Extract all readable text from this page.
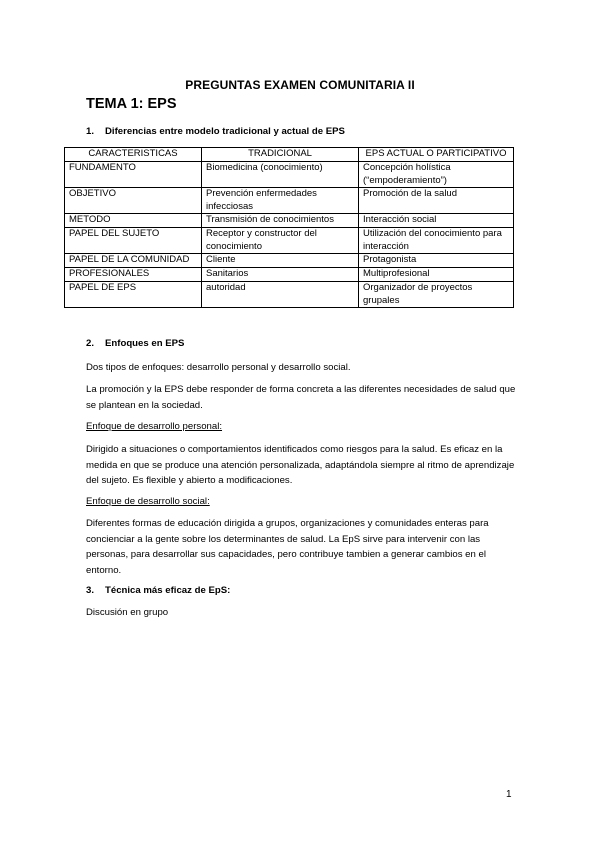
PREGUNTAS EXAMEN COMUNITARIA II
TEMA 1: EPS
1. Diferencias entre modelo tradicional y actual de EPS
CARACTERISTICAS	TRADICIONAL	EPS ACTUAL O PARTICIPATIVO
FUNDAMENTO	Biomedicina (conocimiento)	Concepción holística (“empoderamiento”)
OBJETIVO	Prevención enfermedades infecciosas	Promoción de la salud
METODO	Transmisión de conocimientos	Interacción social
PAPEL DEL SUJETO	Receptor y constructor del conocimiento	Utilización del conocimiento para interacción
PAPEL DE LA COMUNIDAD	Cliente	Protagonista
PROFESIONALES	Sanitarios	Multiprofesional
PAPEL DE EPS	autoridad	Organizador de proyectos grupales
2. Enfoques en EPS
Dos tipos de enfoques: desarrollo personal y desarrollo social.
La promoción y la EPS debe responder de forma concreta a las diferentes necesidades de salud que se plantean en la sociedad.
Enfoque de desarrollo personal:
Dirigido a situaciones o comportamientos identificados como riesgos para la salud. Es eficaz en la medida en que se produce una atención personalizada, adaptándola siempre al ritmo de aprendizaje del sujeto. Es flexible y abierto a modificaciones.
Enfoque de desarrollo social:
Diferentes formas de educación dirigida a grupos, organizaciones y comunidades enteras para concienciar a la gente sobre los determinantes de salud. La EpS sirve para intervenir con las personas, para desarrollar sus capacidades, pero contribuye tambien a generar cambios en el entorno.
3. Técnica más eficaz de EpS:
Discusión en grupo
1
